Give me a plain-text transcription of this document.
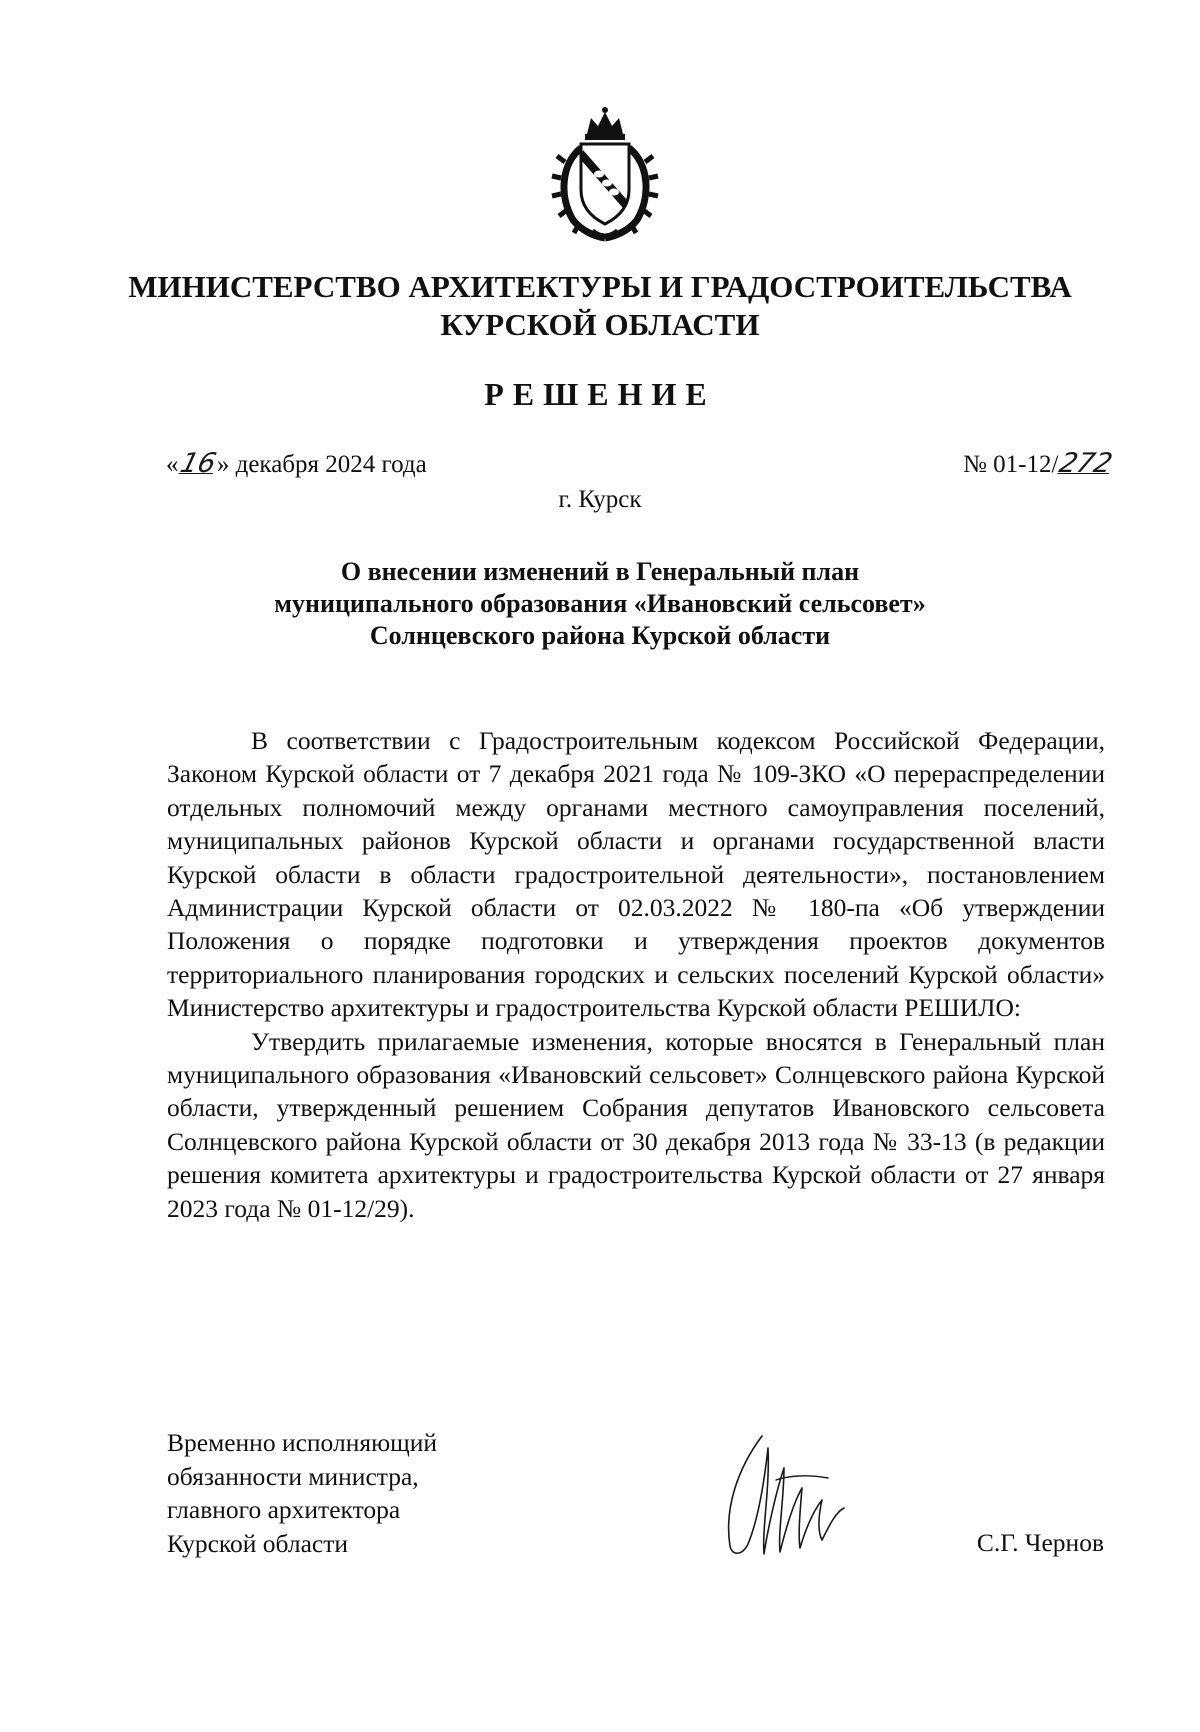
МИНИСТЕРСТВО АРХИТЕКТУРЫ И ГРАДОСТРОИТЕЛЬСТВА
КУРСКОЙ ОБЛАСТИ
РЕШЕНИЕ
«16» декабря 2024 года	№ 01-12/272
г. Курск
О внесении изменений в Генеральный план
муниципального образования «Ивановский сельсовет»
Солнцевского района Курской области

В соответствии с Градостроительным кодексом Российской Федерации, Законом Курской области от 7 декабря 2021 года № 109-ЗКО «О перераспределении отдельных полномочий между органами местного самоуправления поселений, муниципальных районов Курской области и органами государственной власти Курской области в области градостроительной деятельности», постановлением Администрации Курской области от 02.03.2022 № 180-па «Об утверждении Положения о порядке подготовки и утверждения проектов документов территориального планирования городских и сельских поселений Курской области» Министерство архитектуры и градостроительства Курской области РЕШИЛО:

Утвердить прилагаемые изменения, которые вносятся в Генеральный план муниципального образования «Ивановский сельсовет» Солнцевского района Курской области, утвержденный решением Собрания депутатов Ивановского сельсовета Солнцевского района Курской области от 30 декабря 2013 года № 33-13 (в редакции решения комитета архитектуры и градостроительства Курской области от 27 января 2023 года № 01-12/29).

Временно исполняющий
обязанности министра,
главного архитектора
Курской области	С.Г. Чернов
